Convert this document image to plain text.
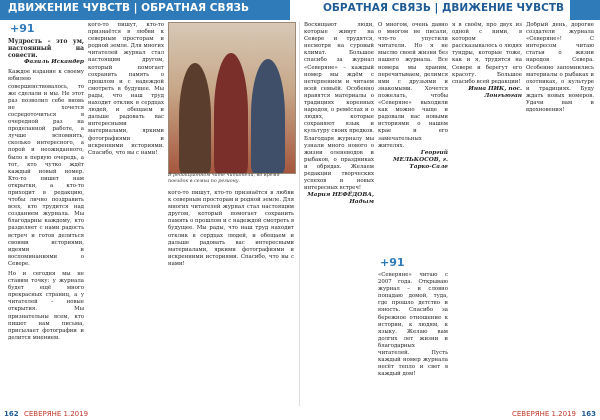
ДВИЖЕНИЕ ЧУВСТВ | ОБРАТНАЯ СВЯЗЬ	ОБРАТНАЯ СВЯЗЬ | ДВИЖЕНИЕ ЧУВСТВ
+91
Мудрость – это ум, настоянный на совести.
Фазиль Искандер

Каждое издание к своему юбилею совершенствовалось, то же сделали и мы. Не этот раз позволил себе вновь не хочется сосредоточиться в очередной раз на проделанной работе, а лучше вспомнить, сколько интересного, а порой и неожиданного, было в первую очередь, а тот, кто чутко ждёт каждый новый номер. Кто-то пишет нам открытки, а кто-то приходит в редакцию, чтобы лично поздравить всех, кто трудится над созданием журнала. Мы благодарны каждому, кто разделяет с нами радость встреч и готов делиться своими историями, идеями и воспоминаниями о Севере.

Но и сегодня мы не ставим точку: у журнала будет ещё много прекрасных страниц, а у читателей – новые открытия. Мы признательны всем, кто пишет нам письма, присылает фотографии и делится мнением.

кого-то пишут, кто-то признаётся в любви к северным просторам и родной земле. Для многих читателей журнал стал настоящим другом, который помогает сохранить память о прошлом и с надеждой смотреть в будущее. Мы рады, что наш труд находит отклик в сердцах людей, и обещаем и дальше радовать вас интересными материалами, яркими фотографиями и искренними историями. Спасибо, что вы с нами!

В редакционном чате читатели, во время поездок в семьи по региону.

кого-то пишут, кто-то признаётся в любви к северным просторам и родной земле. Для многих читателей журнал стал настоящим другом, который помогает сохранить память о прошлом и с надеждой смотреть в будущее. Мы рады, что наш труд находит отклик в сердцах людей, и обещаем и дальше радовать вас интересными материалами, яркими фотографиями и искренними историями. Спасибо, что вы с нами!

Восхищают люди, которые живут на Севере и трудятся, несмотря на суровый климат. Большое спасибо за журнал «Северяне» – каждый номер мы ждём с нетерпением и читаем всей семьёй. Особенно нравятся материалы о традициях коренных народов, о ремёслах и о людях, которые сохраняют язык и культуру своих предков. Благодаря журналу мы узнали много нового о жизни оленеводов и рыбаков, о праздниках и обрядах. Желаем редакции творческих успехов и новых интересных встреч!

Мария НЕФЁДОВА, Надым

О многом, очень давно о многом не писали, что-то упустили читатели. Но я не мыслю своей жизни без нашего журнала. Все номера мы храним, перечитываем, делимся ими с друзьями и знакомыми. Хочется пожелать, чтобы «Северяне» выходили как можно чаще и радовали нас новыми историями о нашем крае и его замечательных жителях.

Георгий МЕЛЬКОСОВ, г. Тарко-Сале
+91

«Северяне» читаю с 2007 года. Открываю журнал – и словно попадаю домой, туда, где прошло детство и юность. Спасибо за бережное отношение к истории, к людям, к языку. Желаю вам долгих лет жизни и благодарных читателей. Пусть каждый номер журнала несёт тепло и свет в каждый дом!

я в своём, про двух из одной с ними, в котором рассказывалось о людях тундры, которые тоже, как и я, трудятся на Севере и берегут его красоту. Большое спасибо всей редакции!

Инна ПИК, пос. Лонгъюган

Добрый день, дорогие создатели журнала «Северяне»! С интересом читаю статьи о жизни народов Севера. Особенно запомнились материалы о рыбаках и охотниках, о культуре и традициях. Буду ждать новых номеров. Удачи вам и вдохновения!

162 СЕВЕРЯНЕ 1.2019	СЕВЕРЯНЕ 1.2019 163
